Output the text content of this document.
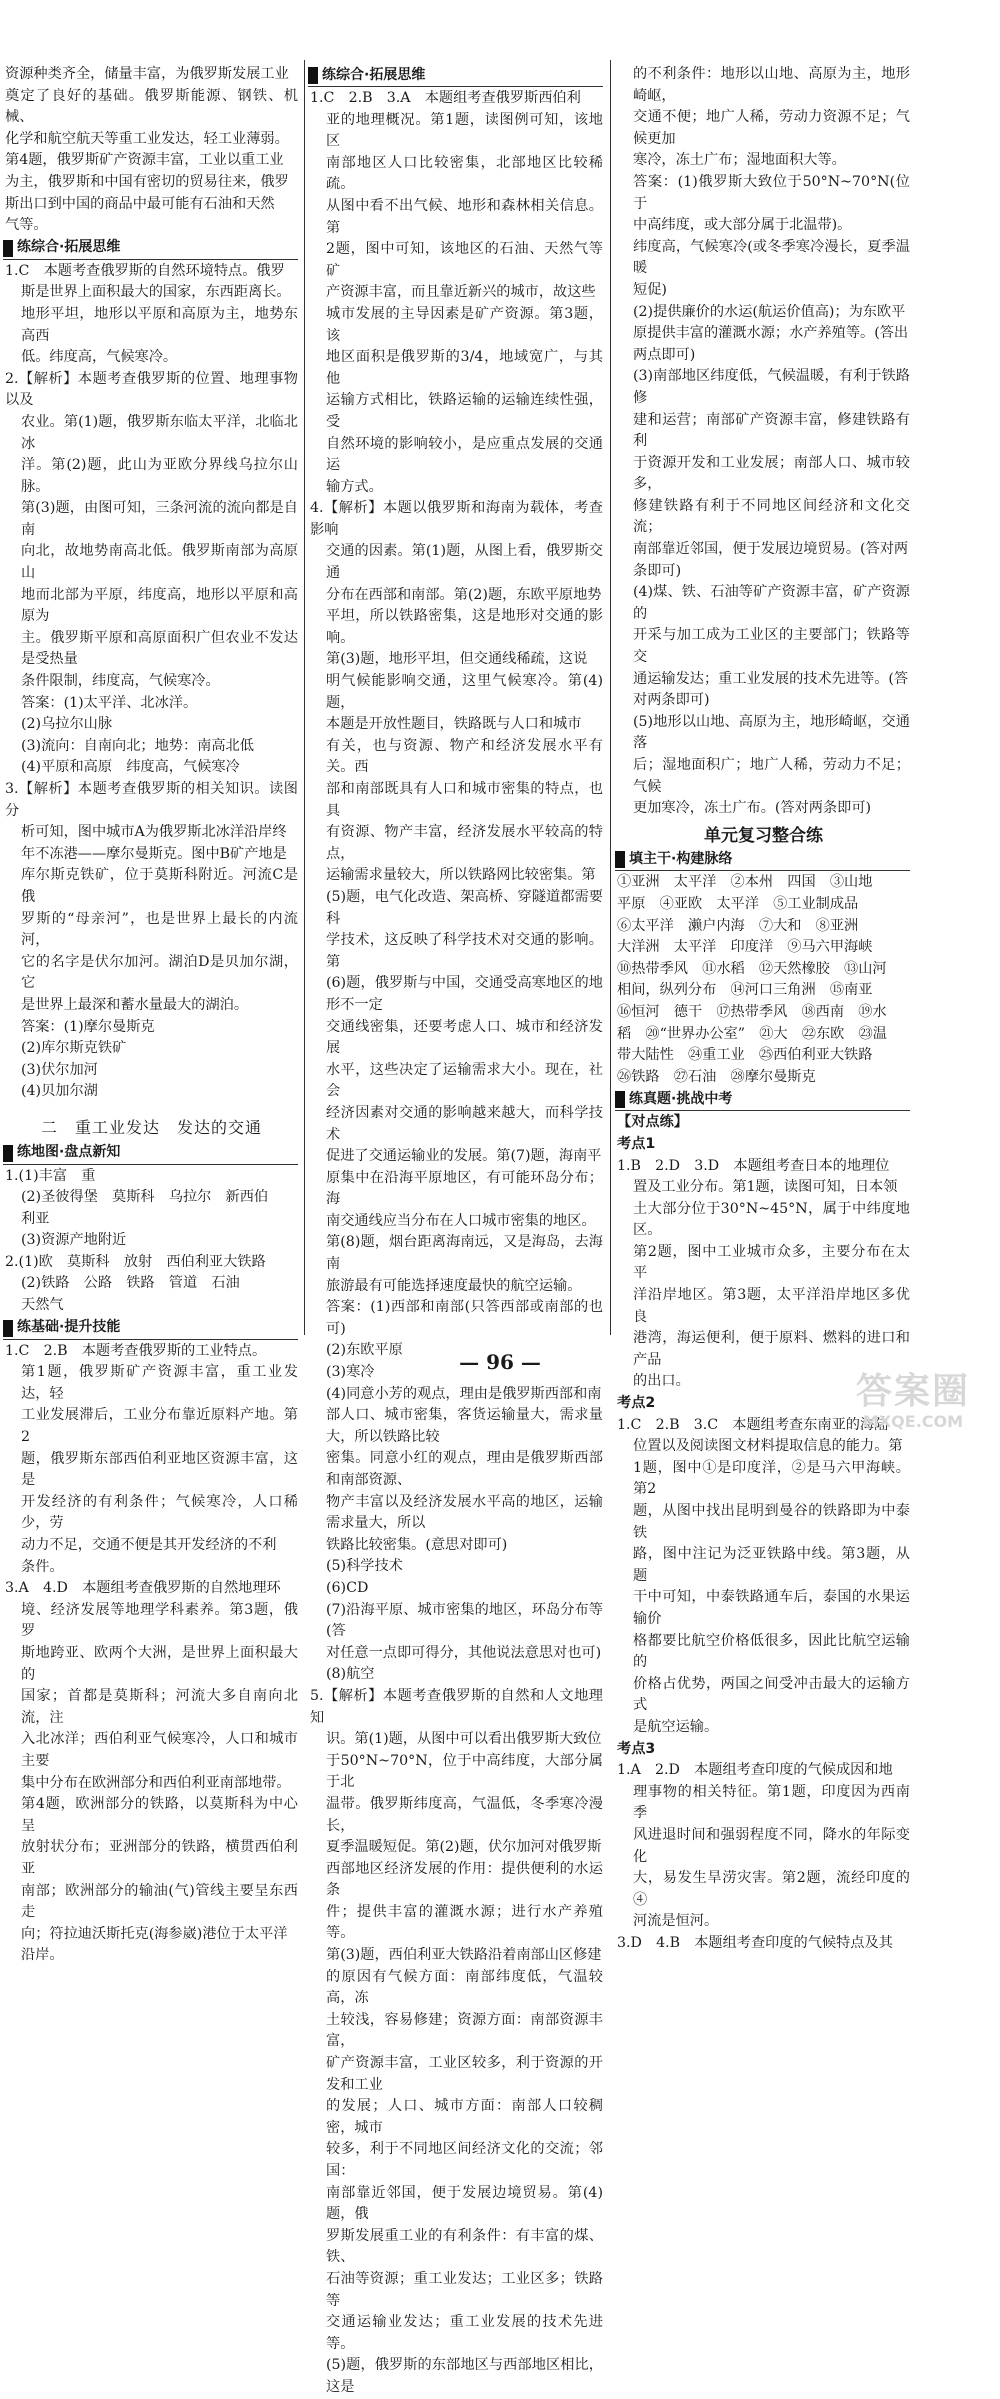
资源种类齐全，储量丰富，为俄罗斯发展工业

奠定了良好的基础。俄罗斯能源、钢铁、机械、

化学和航空航天等重工业发达，轻工业薄弱。

第4题，俄罗斯矿产资源丰富，工业以重工业

为主，俄罗斯和中国有密切的贸易往来，俄罗

斯出口到中国的商品中最可能有石油和天然

气等。

练综合·拓展思维

1.C　本题考查俄罗斯的自然环境特点。俄罗

斯是世界上面积最大的国家，东西距离长。

地形平坦，地形以平原和高原为主，地势东高西

低。纬度高，气候寒冷。

2.【解析】本题考查俄罗斯的位置、地理事物以及

农业。第(1)题，俄罗斯东临太平洋，北临北冰

洋。第(2)题，此山为亚欧分界线乌拉尔山脉。

第(3)题，由图可知，三条河流的流向都是自南

向北，故地势南高北低。俄罗斯南部为高原山

地而北部为平原，纬度高，地形以平原和高原为

主。俄罗斯平原和高原面积广但农业不发达是受热量

条件限制，纬度高，气候寒冷。

答案：(1)太平洋、北冰洋。

(2)乌拉尔山脉

(3)流向：自南向北；地势：南高北低

(4)平原和高原　纬度高，气候寒冷

3.【解析】本题考查俄罗斯的相关知识。读图分

析可知，图中城市A为俄罗斯北冰洋沿岸终

年不冻港——摩尔曼斯克。图中B矿产地是

库尔斯克铁矿，位于莫斯科附近。河流C是俄

罗斯的“母亲河”，也是世界上最长的内流河，

它的名字是伏尔加河。湖泊D是贝加尔湖，它

是世界上最深和蓄水量最大的湖泊。

答案：(1)摩尔曼斯克

(2)库尔斯克铁矿

(3)伏尔加河

(4)贝加尔湖

二　重工业发达　发达的交通
练地图·盘点新知

1.(1)丰富　重

(2)圣彼得堡　莫斯科　乌拉尔　新西伯

利亚

(3)资源产地附近

2.(1)欧　莫斯科　放射　西伯利亚大铁路

(2)铁路　公路　铁路　管道　石油

天然气

练基础·提升技能

1.C　2.B　本题考查俄罗斯的工业特点。

第1题，俄罗斯矿产资源丰富，重工业发达，轻

工业发展滞后，工业分布靠近原料产地。第2

题，俄罗斯东部西伯利亚地区资源丰富，这是

开发经济的有利条件；气候寒冷，人口稀少，劳

动力不足，交通不便是其开发经济的不利

条件。

3.A　4.D　本题组考查俄罗斯的自然地理环

境、经济发展等地理学科素养。第3题，俄罗

斯地跨亚、欧两个大洲，是世界上面积最大的

国家；首都是莫斯科；河流大多自南向北流，注

入北冰洋；西伯利亚气候寒冷，人口和城市主要

集中分布在欧洲部分和西伯利亚南部地带。

第4题，欧洲部分的铁路，以莫斯科为中心呈

放射状分布；亚洲部分的铁路，横贯西伯利亚

南部；欧洲部分的输油(气)管线主要呈东西走

向；符拉迪沃斯托克(海参崴)港位于太平洋

沿岸。

练综合·拓展思维

1.C　2.B　3.A　本题组考查俄罗斯西伯利

亚的地理概况。第1题，读图例可知，该地区

南部地区人口比较密集，北部地区比较稀疏。

从图中看不出气候、地形和森林相关信息。第

2题，图中可知，该地区的石油、天然气等矿

产资源丰富，而且靠近新兴的城市，故这些

城市发展的主导因素是矿产资源。第3题，该

地区面积是俄罗斯的3/4，地域宽广，与其他

运输方式相比，铁路运输的运输连续性强，受

自然环境的影响较小，是应重点发展的交通运

输方式。

4.【解析】本题以俄罗斯和海南为载体，考查影响

交通的因素。第(1)题，从图上看，俄罗斯交通

分布在西部和南部。第(2)题，东欧平原地势

平坦，所以铁路密集，这是地形对交通的影响。

第(3)题，地形平坦，但交通线稀疏，这说

明气候能影响交通，这里气候寒冷。第(4)题，

本题是开放性题目，铁路既与人口和城市

有关，也与资源、物产和经济发展水平有关。西

部和南部既具有人口和城市密集的特点，也具

有资源、物产丰富，经济发展水平较高的特点，

运输需求量较大，所以铁路网比较密集。第

(5)题，电气化改造、架高桥、穿隧道都需要科

学技术，这反映了科学技术对交通的影响。第

(6)题，俄罗斯与中国，交通受高寒地区的地形不一定

交通线密集，还要考虑人口、城市和经济发展

水平，这些决定了运输需求大小。现在，社会

经济因素对交通的影响越来越大，而科学技术

促进了交通运输业的发展。第(7)题，海南平

原集中在沿海平原地区，有可能环岛分布；海

南交通线应当分布在人口城市密集的地区。

第(8)题，烟台距离海南远，又是海岛，去海南

旅游最有可能选择速度最快的航空运输。

答案：(1)西部和南部(只答西部或南部的也可)

(2)东欧平原

(3)寒冷

(4)同意小芳的观点，理由是俄罗斯西部和南

部人口、城市密集，客货运输量大，需求量大，所以铁路比较

密集。同意小红的观点，理由是俄罗斯西部和南部资源、

物产丰富以及经济发展水平高的地区，运输需求量大，所以

铁路比较密集。(意思对即可)

(5)科学技术

(6)CD

(7)沿海平原、城市密集的地区，环岛分布等(答

对任意一点即可得分，其他说法意思对也可)

(8)航空

5.【解析】本题考查俄罗斯的自然和人文地理知

识。第(1)题，从图中可以看出俄罗斯大致位

于50°N~70°N，位于中高纬度，大部分属于北

温带。俄罗斯纬度高，气温低，冬季寒冷漫长，

夏季温暖短促。第(2)题，伏尔加河对俄罗斯

西部地区经济发展的作用：提供便利的水运条

件；提供丰富的灌溉水源；进行水产养殖等。

第(3)题，西伯利亚大铁路沿着南部山区修建

的原因有气候方面：南部纬度低，气温较高，冻

土较浅，容易修建；资源方面：南部资源丰富，

矿产资源丰富，工业区较多，利于资源的开发和工业

的发展；人口、城市方面：南部人口较稠密，城市

较多，利于不同地区间经济文化的交流；邻国：

南部靠近邻国，便于发展边境贸易。第(4)题，俄

罗斯发展重工业的有利条件：有丰富的煤、铁、

石油等资源；重工业发达；工业区多；铁路等

交通运输业发达；重工业发展的技术先进等。

(5)题，俄罗斯的东部地区与西部地区相比，这是

的不利条件：地形以山地、高原为主，地形崎岖，

交通不便；地广人稀，劳动力资源不足；气候更加

寒冷，冻土广布；湿地面积大等。

答案：(1)俄罗斯大致位于50°N~70°N(位于

中高纬度，或大部分属于北温带)。

纬度高，气候寒冷(或冬季寒冷漫长，夏季温暖

短促)

(2)提供廉价的水运(航运价值高)；为东欧平

原提供丰富的灌溉水源；水产养殖等。(答出

两点即可)

(3)南部地区纬度低，气候温暖，有利于铁路修

建和运营；南部矿产资源丰富，修建铁路有利

于资源开发和工业发展；南部人口、城市较多，

修建铁路有利于不同地区间经济和文化交流；

南部靠近邻国，便于发展边境贸易。(答对两

条即可)

(4)煤、铁、石油等矿产资源丰富，矿产资源的

开采与加工成为工业区的主要部门；铁路等交

通运输发达；重工业发展的技术先进等。(答

对两条即可)

(5)地形以山地、高原为主，地形崎岖，交通落

后；湿地面积广；地广人稀，劳动力不足；气候

更加寒冷，冻土广布。(答对两条即可)

单元复习整合练
填主干·构建脉络

①亚洲　太平洋　②本州　四国　③山地

平原　④亚欧　太平洋　⑤工业制成品

⑥太平洋　濑户内海　⑦大和　⑧亚洲

大洋洲　太平洋　印度洋　⑨马六甲海峡

⑩热带季风　⑪水稻　⑫天然橡胶　⑬山河

相间，纵列分布　⑭河口三角洲　⑮南亚

⑯恒河　德干　⑰热带季风　⑱西南　⑲水

稻　⑳“世界办公室”　㉑大　㉒东欧　㉓温

带大陆性　㉔重工业　㉕西伯利亚大铁路

㉖铁路　㉗石油　㉘摩尔曼斯克

练真题·挑战中考

【对点练】

考点1

1.B　2.D　3.D　本题组考查日本的地理位

置及工业分布。第1题，读图可知，日本领

土大部分位于30°N~45°N，属于中纬度地区。

第2题，图中工业城市众多，主要分布在太平

洋沿岸地区。第3题，太平洋沿岸地区多优良

港湾，海运便利，便于原料、燃料的进口和产品

的出口。

考点2

1.C　2.B　3.C　本题组考查东南亚的海陆

位置以及阅读图文材料提取信息的能力。第

1题，图中①是印度洋，②是马六甲海峡。第2

题，从图中找出昆明到曼谷的铁路即为中泰铁

路，图中注记为泛亚铁路中线。第3题，从题

干中可知，中泰铁路通车后，泰国的水果运输价

格都要比航空价格低很多，因此比航空运输的

价格占优势，两国之间受冲击最大的运输方式

是航空运输。

考点3

1.A　2.D　本题组考查印度的气候成因和地

理事物的相关特征。第1题，印度因为西南季

风进退时间和强弱程度不同，降水的年际变化

大，易发生旱涝灾害。第2题，流经印度的④

河流是恒河。

3.D　4.B　本题组考查印度的气候特点及其

— 96 —
答案圈
MXQE.COM
